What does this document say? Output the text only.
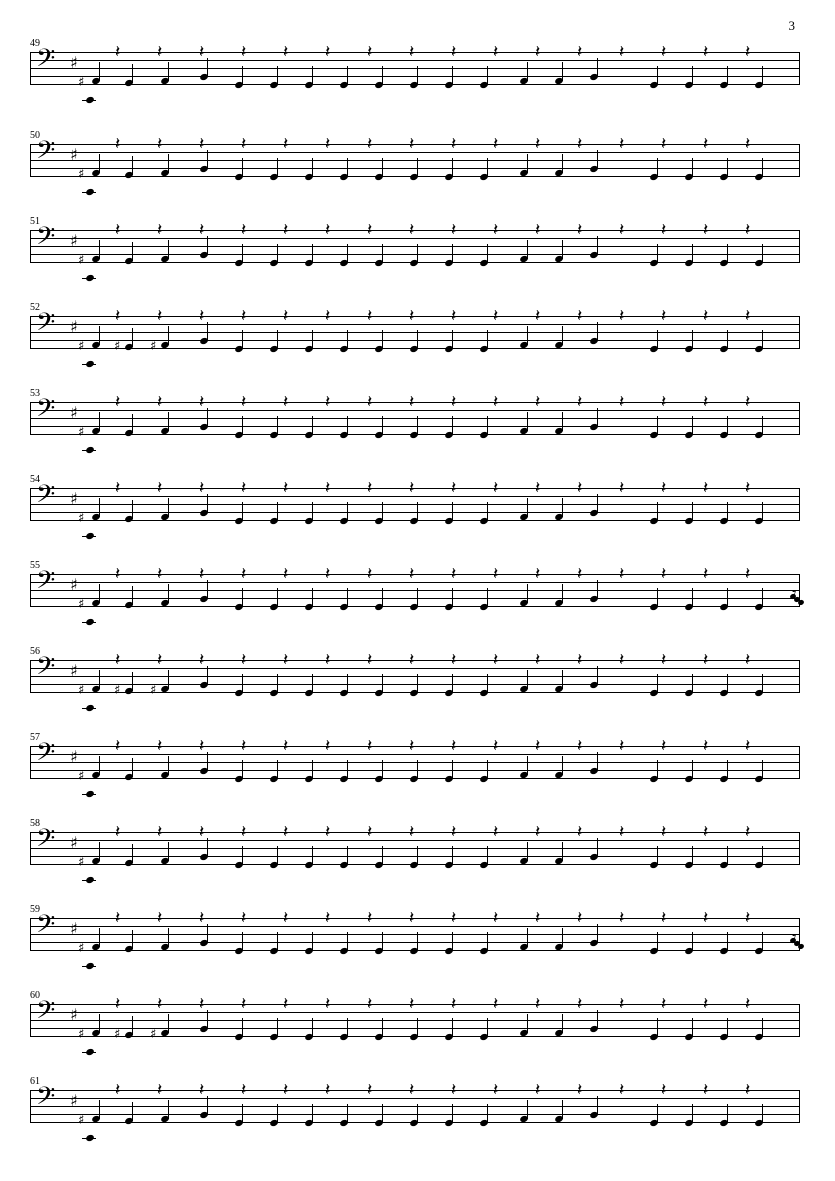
3
49
𝄢 ♯
𝄽 𝄽 𝄽 𝄽 𝄽 𝄽 𝄽 𝄽 𝄽 𝄽 𝄽 𝄽 𝄽 𝄽 𝄽 𝄽
♯
50
𝄢 ♯
𝄽 𝄽 𝄽 𝄽 𝄽 𝄽 𝄽 𝄽 𝄽 𝄽 𝄽 𝄽 𝄽 𝄽 𝄽 𝄽
♯
51
𝄢 ♯
𝄽 𝄽 𝄽 𝄽 𝄽 𝄽 𝄽 𝄽 𝄽 𝄽 𝄽 𝄽 𝄽 𝄽 𝄽 𝄽
♯
52
𝄢 ♯
𝄽 𝄽 𝄽 𝄽 𝄽 𝄽 𝄽 𝄽 𝄽 𝄽 𝄽 𝄽 𝄽 𝄽 𝄽 𝄽
♯ ♯ ♯
53
𝄢 ♯
𝄽 𝄽 𝄽 𝄽 𝄽 𝄽 𝄽 𝄽 𝄽 𝄽 𝄽 𝄽 𝄽 𝄽 𝄽 𝄽
♯
54
𝄢 ♯
𝄽 𝄽 𝄽 𝄽 𝄽 𝄽 𝄽 𝄽 𝄽 𝄽 𝄽 𝄽 𝄽 𝄽 𝄽 𝄽
♯
55
𝄢 ♯
𝄽 𝄽 𝄽 𝄽 𝄽 𝄽 𝄽 𝄽 𝄽 𝄽 𝄽 𝄽 𝄽 𝄽 𝄽 𝄽
♯
56
𝄢 ♯
𝄽 𝄽 𝄽 𝄽 𝄽 𝄽 𝄽 𝄽 𝄽 𝄽 𝄽 𝄽 𝄽 𝄽 𝄽 𝄽
♯ ♯ ♯
57
𝄢 ♯
𝄽 𝄽 𝄽 𝄽 𝄽 𝄽 𝄽 𝄽 𝄽 𝄽 𝄽 𝄽 𝄽 𝄽 𝄽 𝄽
♯
58
𝄢 ♯
𝄽 𝄽 𝄽 𝄽 𝄽 𝄽 𝄽 𝄽 𝄽 𝄽 𝄽 𝄽 𝄽 𝄽 𝄽 𝄽
♯
59
𝄢 ♯
𝄽 𝄽 𝄽 𝄽 𝄽 𝄽 𝄽 𝄽 𝄽 𝄽 𝄽 𝄽 𝄽 𝄽 𝄽 𝄽
♯
60
𝄢 ♯
𝄽 𝄽 𝄽 𝄽 𝄽 𝄽 𝄽 𝄽 𝄽 𝄽 𝄽 𝄽 𝄽 𝄽 𝄽 𝄽
♯ ♯ ♯
61
𝄢 ♯
𝄽 𝄽 𝄽 𝄽 𝄽 𝄽 𝄽 𝄽 𝄽 𝄽 𝄽 𝄽 𝄽 𝄽 𝄽 𝄽
♯
